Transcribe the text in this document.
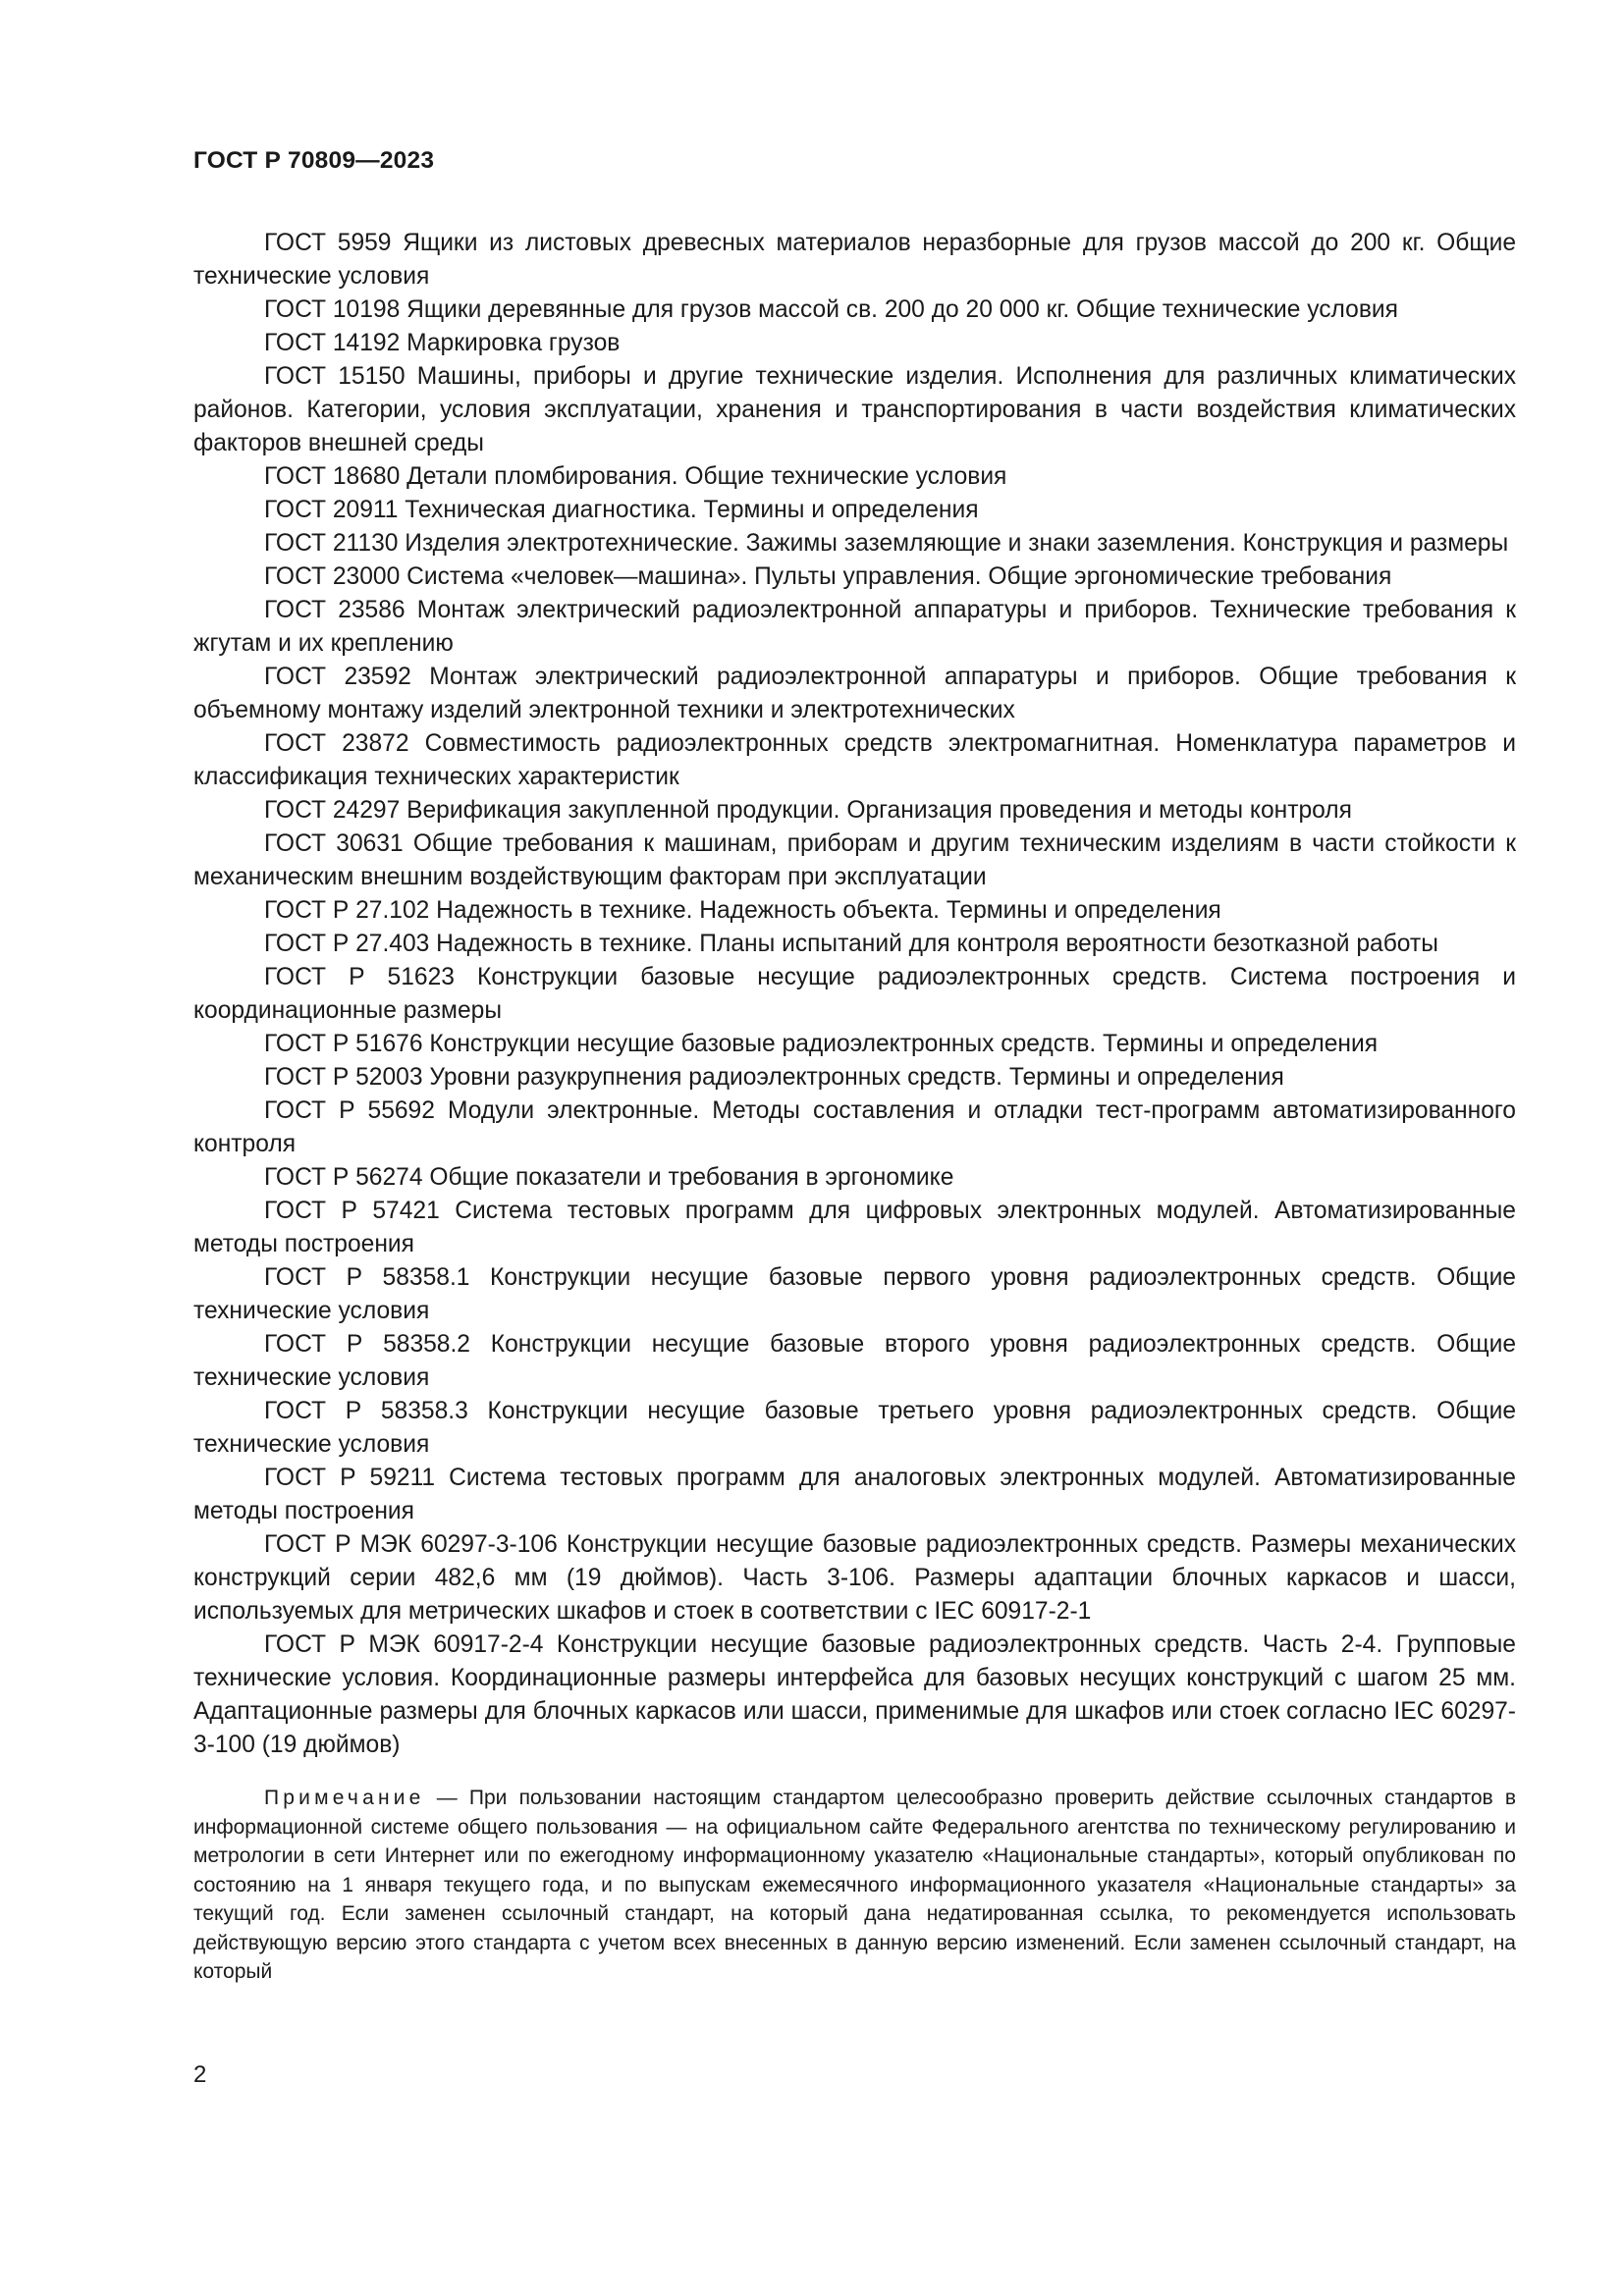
ГОСТ Р 70809—2023

ГОСТ 5959 Ящики из листовых древесных материалов неразборные для грузов массой до 200 кг. Общие технические условия

ГОСТ 10198 Ящики деревянные для грузов массой св. 200 до 20 000 кг. Общие технические условия

ГОСТ 14192 Маркировка грузов

ГОСТ 15150 Машины, приборы и другие технические изделия. Исполнения для различных климатических районов. Категории, условия эксплуатации, хранения и транспортирования в части воздействия климатических факторов внешней среды

ГОСТ 18680 Детали пломбирования. Общие технические условия

ГОСТ 20911 Техническая диагностика. Термины и определения

ГОСТ 21130 Изделия электротехнические. Зажимы заземляющие и знаки заземления. Конструкция и размеры

ГОСТ 23000 Система «человек—машина». Пульты управления. Общие эргономические требования

ГОСТ 23586 Монтаж электрический радиоэлектронной аппаратуры и приборов. Технические требования к жгутам и их креплению

ГОСТ 23592 Монтаж электрический радиоэлектронной аппаратуры и приборов. Общие требования к объемному монтажу изделий электронной техники и электротехнических

ГОСТ 23872 Совместимость радиоэлектронных средств электромагнитная. Номенклатура параметров и классификация технических характеристик

ГОСТ 24297 Верификация закупленной продукции. Организация проведения и методы контроля

ГОСТ 30631 Общие требования к машинам, приборам и другим техническим изделиям в части стойкости к механическим внешним воздействующим факторам при эксплуатации

ГОСТ Р 27.102 Надежность в технике. Надежность объекта. Термины и определения

ГОСТ Р 27.403 Надежность в технике. Планы испытаний для контроля вероятности безотказной работы

ГОСТ Р 51623 Конструкции базовые несущие радиоэлектронных средств. Система построения и координационные размеры

ГОСТ Р 51676 Конструкции несущие базовые радиоэлектронных средств. Термины и определения

ГОСТ Р 52003 Уровни разукрупнения радиоэлектронных средств. Термины и определения

ГОСТ Р 55692 Модули электронные. Методы составления и отладки тест-программ автоматизированного контроля

ГОСТ Р 56274 Общие показатели и требования в эргономике

ГОСТ Р 57421 Система тестовых программ для цифровых электронных модулей. Автоматизированные методы построения

ГОСТ Р 58358.1 Конструкции несущие базовые первого уровня радиоэлектронных средств. Общие технические условия

ГОСТ Р 58358.2 Конструкции несущие базовые второго уровня радиоэлектронных средств. Общие технические условия

ГОСТ Р 58358.3 Конструкции несущие базовые третьего уровня радиоэлектронных средств. Общие технические условия

ГОСТ Р 59211 Система тестовых программ для аналоговых электронных модулей. Автоматизированные методы построения

ГОСТ Р МЭК 60297-3-106 Конструкции несущие базовые радиоэлектронных средств. Размеры механических конструкций серии 482,6 мм (19 дюймов). Часть 3-106. Размеры адаптации блочных каркасов и шасси, используемых для метрических шкафов и стоек в соответствии с IEC 60917-2-1

ГОСТ Р МЭК 60917-2-4 Конструкции несущие базовые радиоэлектронных средств. Часть 2-4. Групповые технические условия. Координационные размеры интерфейса для базовых несущих конструкций с шагом 25 мм. Адаптационные размеры для блочных каркасов или шасси, применимые для шкафов или стоек согласно IEC 60297-3-100 (19 дюймов)

Примечание — При пользовании настоящим стандартом целесообразно проверить действие ссылочных стандартов в информационной системе общего пользования — на официальном сайте Федерального агентства по техническому регулированию и метрологии в сети Интернет или по ежегодному информационному указателю «Национальные стандарты», который опубликован по состоянию на 1 января текущего года, и по выпускам ежемесячного информационного указателя «Национальные стандарты» за текущий год. Если заменен ссылочный стандарт, на который дана недатированная ссылка, то рекомендуется использовать действующую версию этого стандарта с учетом всех внесенных в данную версию изменений. Если заменен ссылочный стандарт, на который

2
